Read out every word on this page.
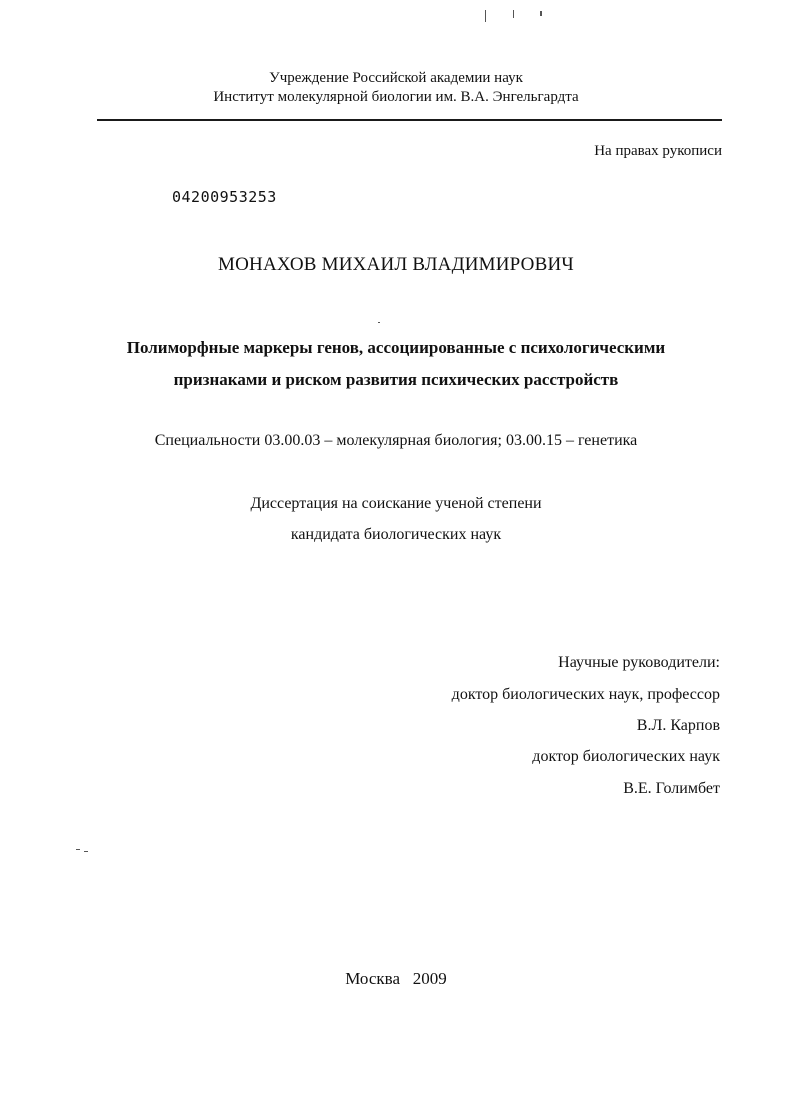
Учреждение Российской академии наук
Институт молекулярной биологии им. В.А. Энгельгардта
На правах рукописи
04200953253
МОНАХОВ МИХАИЛ ВЛАДИМИРОВИЧ
Полиморфные маркеры генов, ассоциированные с психологическими
признаками и риском развития психических расстройств
Специальности 03.00.03 – молекулярная биология; 03.00.15 – генетика
Диссертация на соискание ученой степени
кандидата биологических наук
Научные руководители:
доктор биологических наук, профессор
В.Л. Карпов
доктор биологических наук
В.Е. Голимбет
Москва   2009
